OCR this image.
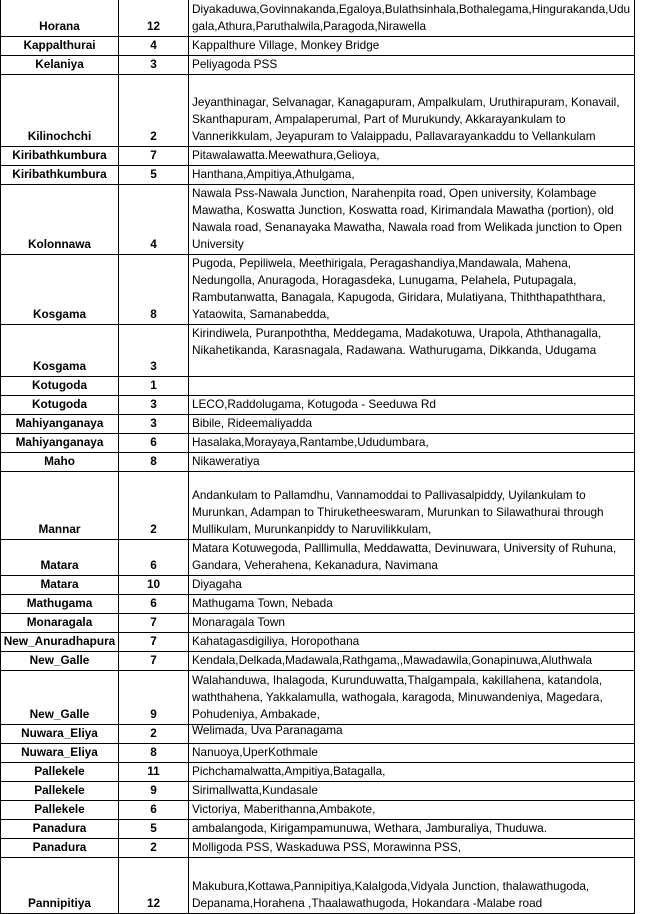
Horana	12	Diyakaduwa,Govinnakanda,Egaloya,Bulathsinhala,Bothalegama,Hingurakanda,Udugala,Athura,Paruthalwila,Paragoda,Nirawella
Kappalthurai	4	Kappalthure Village, Monkey Bridge
Kelaniya	3	Peliyagoda PSS
Kilinochchi	2	Jeyanthinagar, Selvanagar, Kanagapuram, Ampalkulam, Uruthirapuram, Konavail, Skanthapuram, Ampalaperumal, Part of Murukundy, Akkarayankulam to Vannerikkulam, Jeyapuram to Valaippadu, Pallavarayankaddu to Vellankulam
Kiribathkumbura	7	Pitawalawatta.Meewathura,Gelioya,
Kiribathkumbura	5	Hanthana,Ampitiya,Athulgama,
Kolonnawa	4	Nawala Pss-Nawala Junction, Narahenpita road, Open university, Kolambage Mawatha, Koswatta Junction, Koswatta road, Kirimandala Mawatha (portion), old Nawala road, Senanayaka Mawatha, Nawala road from Welikada junction to Open University
Kosgama	8	Pugoda, Pepiliwela, Meethirigala, Peragashandiya,Mandawala, Mahena, Nedungolla, Anuragoda, Horagasdeka, Lunugama, Pelahela, Putupagala, Rambutanwatta, Banagala, Kapugoda, Giridara, Mulatiyana, Thiththapaththara, Yataowita, Samanabedda,
Kosgama	3	Kirindiwela, Puranpoththa, Meddegama, Madakotuwa, Urapola, Aththanagalla, Nikahetikanda, Karasnagala, Radawana. Wathurugama, Dikkanda, Udugama
Kotugoda	1	
Kotugoda	3	LECO,Raddolugama, Kotugoda - Seeduwa Rd
Mahiyanganaya	3	Bibile, Rideemaliyadda
Mahiyanganaya	6	Hasalaka,Morayaya,Rantambe,Ududumbara,
Maho	8	Nikaweratiya
Mannar	2	Andankulam to Pallamdhu, Vannamoddai to Pallivasalpiddy, Uyilankulam to Murunkan, Adampan to Thiruketheeswaram, Murunkan to Silawathurai through Mullikulam, Murunkanpiddy to Naruvilikkulam,
Matara	6	Matara Kotuwegoda, Palllimulla, Meddawatta, Devinuwara, University of Ruhuna, Gandara, Veherahena, Kekanadura, Navimana
Matara	10	Diyagaha
Mathugama	6	Mathugama Town, Nebada
Monaragala	7	Monaragala Town
New_Anuradhapura	7	Kahatagasdigiliya, Horopothana
New_Galle	7	Kendala,Delkada,Madawala,Rathgama,,Mawadawila,Gonapinuwa,Aluthwala
New_Galle	9	Walahanduwa, Ihalagoda, Kurunduwatta,Thalgampala, kakillahena, katandola, waththahena, Yakkalamulla, wathogala, karagoda, Minuwandeniya, Magedara, Pohudeniya, Ambakade,
Nuwara_Eliya	2	Welimada, Uva Paranagama
Nuwara_Eliya	8	Nanuoya,UperKothmale
Pallekele	11	Pichchamalwatta,Ampitiya,Batagalla,
Pallekele	9	Sirimallwatta,Kundasale
Pallekele	6	Victoriya, Maberithanna,Ambakote,
Panadura	5	ambalangoda, Kirigampamunuwa, Wethara, Jamburaliya, Thuduwa.
Panadura	2	Molligoda PSS, Waskaduwa PSS, Morawinna PSS,
Pannipitiya	12	Makubura,Kottawa,Pannipitiya,Kalalgoda,Vidyala Junction, thalawathugoda, Depanama,Horahena ,Thaalawathugoda, Hokandara -Malabe road
